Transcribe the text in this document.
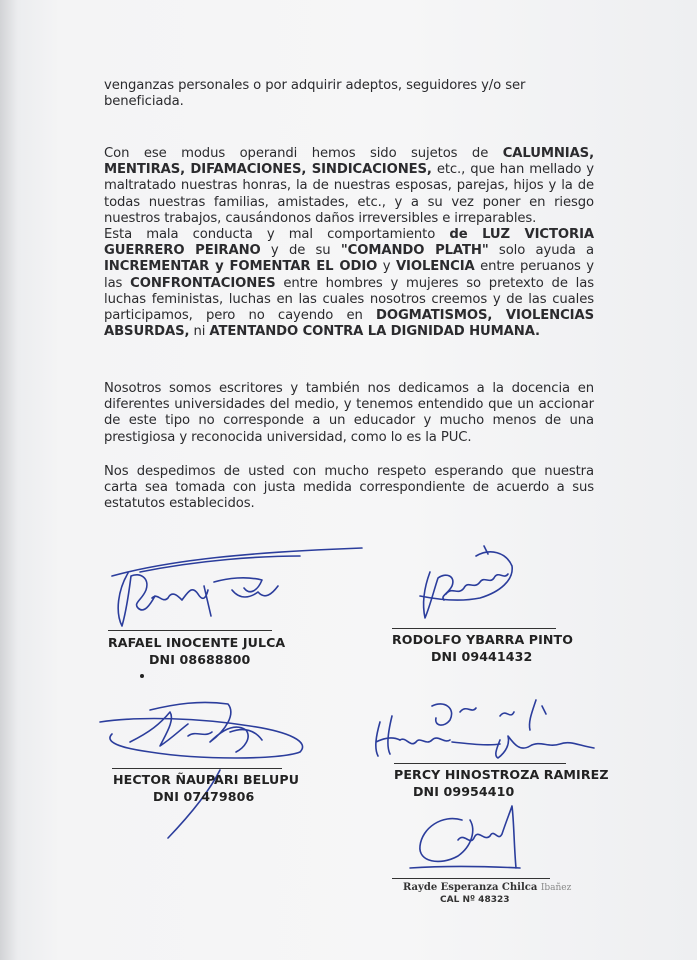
venganzas personales o por adquirir adeptos, seguidores y/o ser
beneficiada.

Con ese modus operandi hemos sido sujetos de CALUMNIAS, MENTIRAS, DIFAMACIONES, SINDICACIONES, etc., que han mellado y maltratado nuestras honras, la de nuestras esposas, parejas, hijos y la de todas nuestras familias, amistades, etc., y a su vez poner en riesgo nuestros trabajos, causándonos daños irreversibles e irreparables.
Esta mala conducta y mal comportamiento de LUZ VICTORIA GUERRERO PEIRANO y de su "COMANDO PLATH" solo ayuda a INCREMENTAR y FOMENTAR EL ODIO y VIOLENCIA entre peruanos y las CONFRONTACIONES entre hombres y mujeres so pretexto de las luchas feministas, luchas en las cuales nosotros creemos y de las cuales participamos, pero no cayendo en DOGMATISMOS, VIOLENCIAS ABSURDAS, ni ATENTANDO CONTRA LA DIGNIDAD HUMANA.

Nosotros somos escritores y también nos dedicamos a la docencia en diferentes universidades del medio, y tenemos entendido que un accionar de este tipo no corresponde a un educador y mucho menos de una prestigiosa y reconocida universidad, como lo es la PUC.

Nos despedimos de usted con mucho respeto esperando que nuestra carta sea tomada con justa medida correspondiente de acuerdo a sus estatutos establecidos.

RAFAEL INOCENTE JULCA
DNI 08688800
RODOLFO YBARRA PINTO
DNI 09441432
HECTOR ÑAUPARI BELUPU
DNI 07479806
PERCY HINOSTROZA RAMIREZ
DNI 09954410
Rayde Esperanza Chilca Ibañez
CAL Nº 48323
